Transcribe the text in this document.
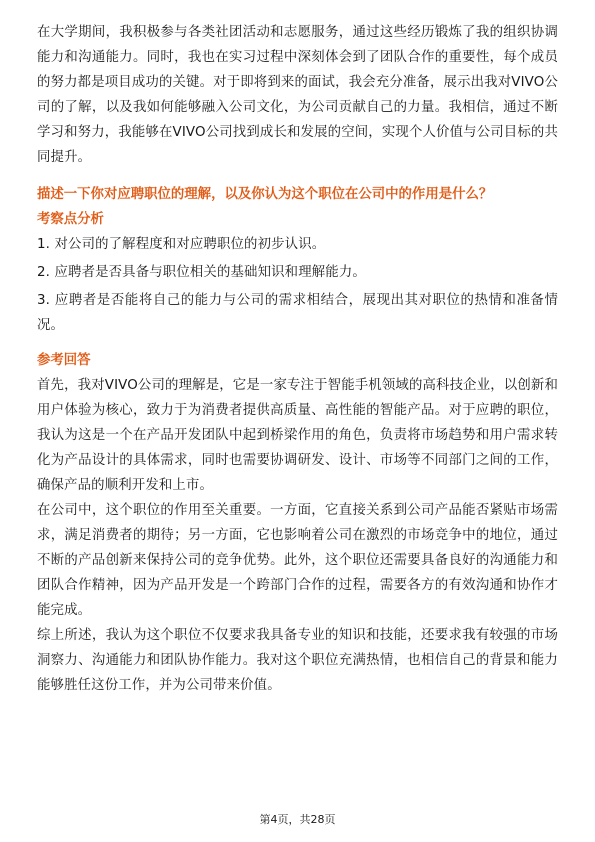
在大学期间，我积极参与各类社团活动和志愿服务，通过这些经历锻炼了我的组织协调能力和沟通能力。同时，我也在实习过程中深刻体会到了团队合作的重要性，每个成员的努力都是项目成功的关键。对于即将到来的面试，我会充分准备，展示出我对VIVO公司的了解，以及我如何能够融入公司文化，为公司贡献自己的力量。我相信，通过不断学习和努力，我能够在VIVO公司找到成长和发展的空间，实现个人价值与公司目标的共同提升。

描述一下你对应聘职位的理解，以及你认为这个职位在公司中的作用是什么？

考察点分析

1. 对公司的了解程度和对应聘职位的初步认识。

2. 应聘者是否具备与职位相关的基础知识和理解能力。

3. 应聘者是否能将自己的能力与公司的需求相结合，展现出其对职位的热情和准备情况。

参考回答

首先，我对VIVO公司的理解是，它是一家专注于智能手机领域的高科技企业，以创新和用户体验为核心，致力于为消费者提供高质量、高性能的智能产品。对于应聘的职位，我认为这是一个在产品开发团队中起到桥梁作用的角色，负责将市场趋势和用户需求转化为产品设计的具体需求，同时也需要协调研发、设计、市场等不同部门之间的工作，确保产品的顺利开发和上市。

在公司中，这个职位的作用至关重要。一方面，它直接关系到公司产品能否紧贴市场需求，满足消费者的期待；另一方面，它也影响着公司在激烈的市场竞争中的地位，通过不断的产品创新来保持公司的竞争优势。此外，这个职位还需要具备良好的沟通能力和团队合作精神，因为产品开发是一个跨部门合作的过程，需要各方的有效沟通和协作才能完成。

综上所述，我认为这个职位不仅要求我具备专业的知识和技能，还要求我有较强的市场洞察力、沟通能力和团队协作能力。我对这个职位充满热情，也相信自己的背景和能力能够胜任这份工作，并为公司带来价值。

第4页，共28页
